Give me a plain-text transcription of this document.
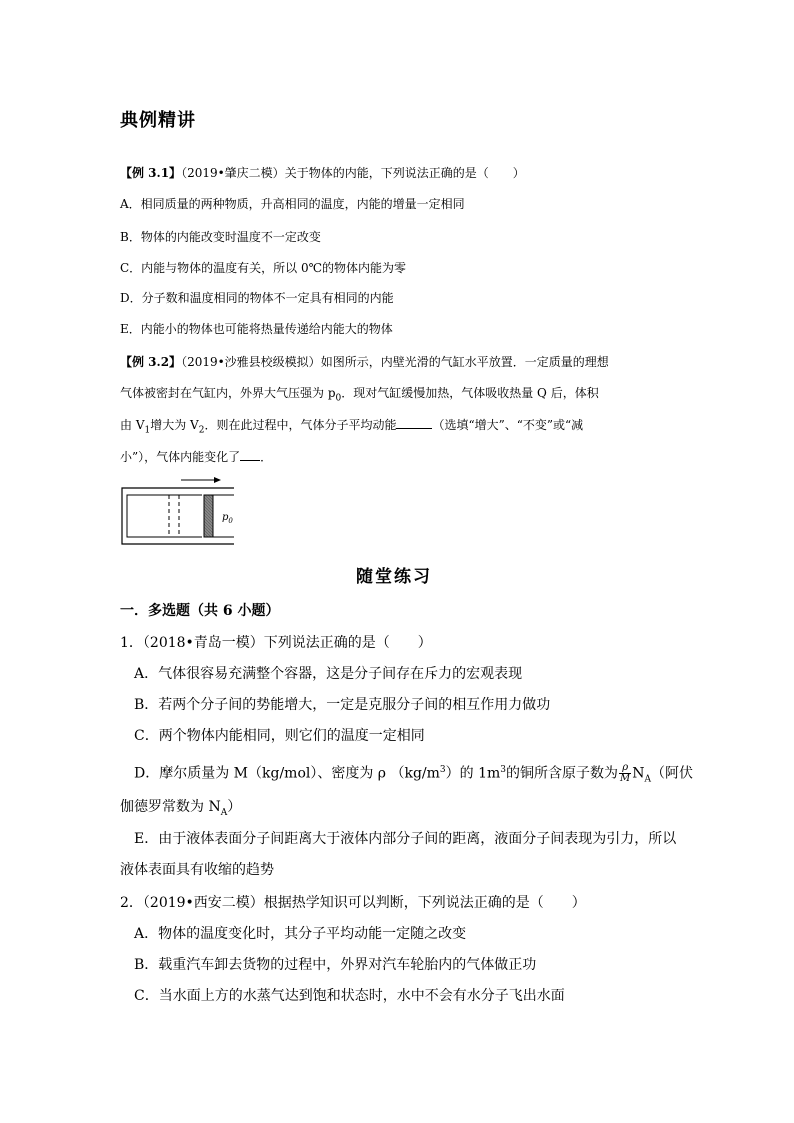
典例精讲
【例 3.1】（2019•肇庆二模）关于物体的内能，下列说法正确的是（　　）
A．相同质量的两种物质，升高相同的温度，内能的增量一定相同
B．物体的内能改变时温度不一定改变
C．内能与物体的温度有关，所以 0℃的物体内能为零
D．分子数和温度相同的物体不一定具有相同的内能
E．内能小的物体也可能将热量传递给内能大的物体
【例 3.2】（2019•沙雅县校级模拟）如图所示，内壁光滑的气缸水平放置．一定质量的理想
气体被密封在气缸内，外界大气压强为 $p_0$．现对气缸缓慢加热，气体吸收热量 Q 后，体积
由 $V_1$增大为 $V_2$．则在此过程中，气体分子平均动能	（选填“增大”、“不变”或“减
小”），气体内能变化了 ．
$p_0$
随堂练习
一．多选题（共 6 小题）
1．（2018•青岛一模）下列说法正确的是（　　）
A．气体很容易充满整个容器，这是分子间存在斥力的宏观表现
B．若两个分子间的势能增大，一定是克服分子间的相互作用力做功
C．两个物体内能相同，则它们的温度一定相同
D．摩尔质量为 M（kg/mol）、密度为 ρ $(kg/m^3)$的 $1m^3$的铜所含原子数为 $\frac{\rho}{M} N_A$（阿伏
伽德罗常数为 $N_A$）
E．由于液体表面分子间距离大于液体内部分子间的距离，液面分子间表现为引力，所以
液体表面具有收缩的趋势
2．（2019•西安二模）根据热学知识可以判断，下列说法正确的是（　　）
A．物体的温度变化时，其分子平均动能一定随之改变
B．载重汽车卸去货物的过程中，外界对汽车轮胎内的气体做正功
C．当水面上方的水蒸气达到饱和状态时，水中不会有水分子飞出水面
